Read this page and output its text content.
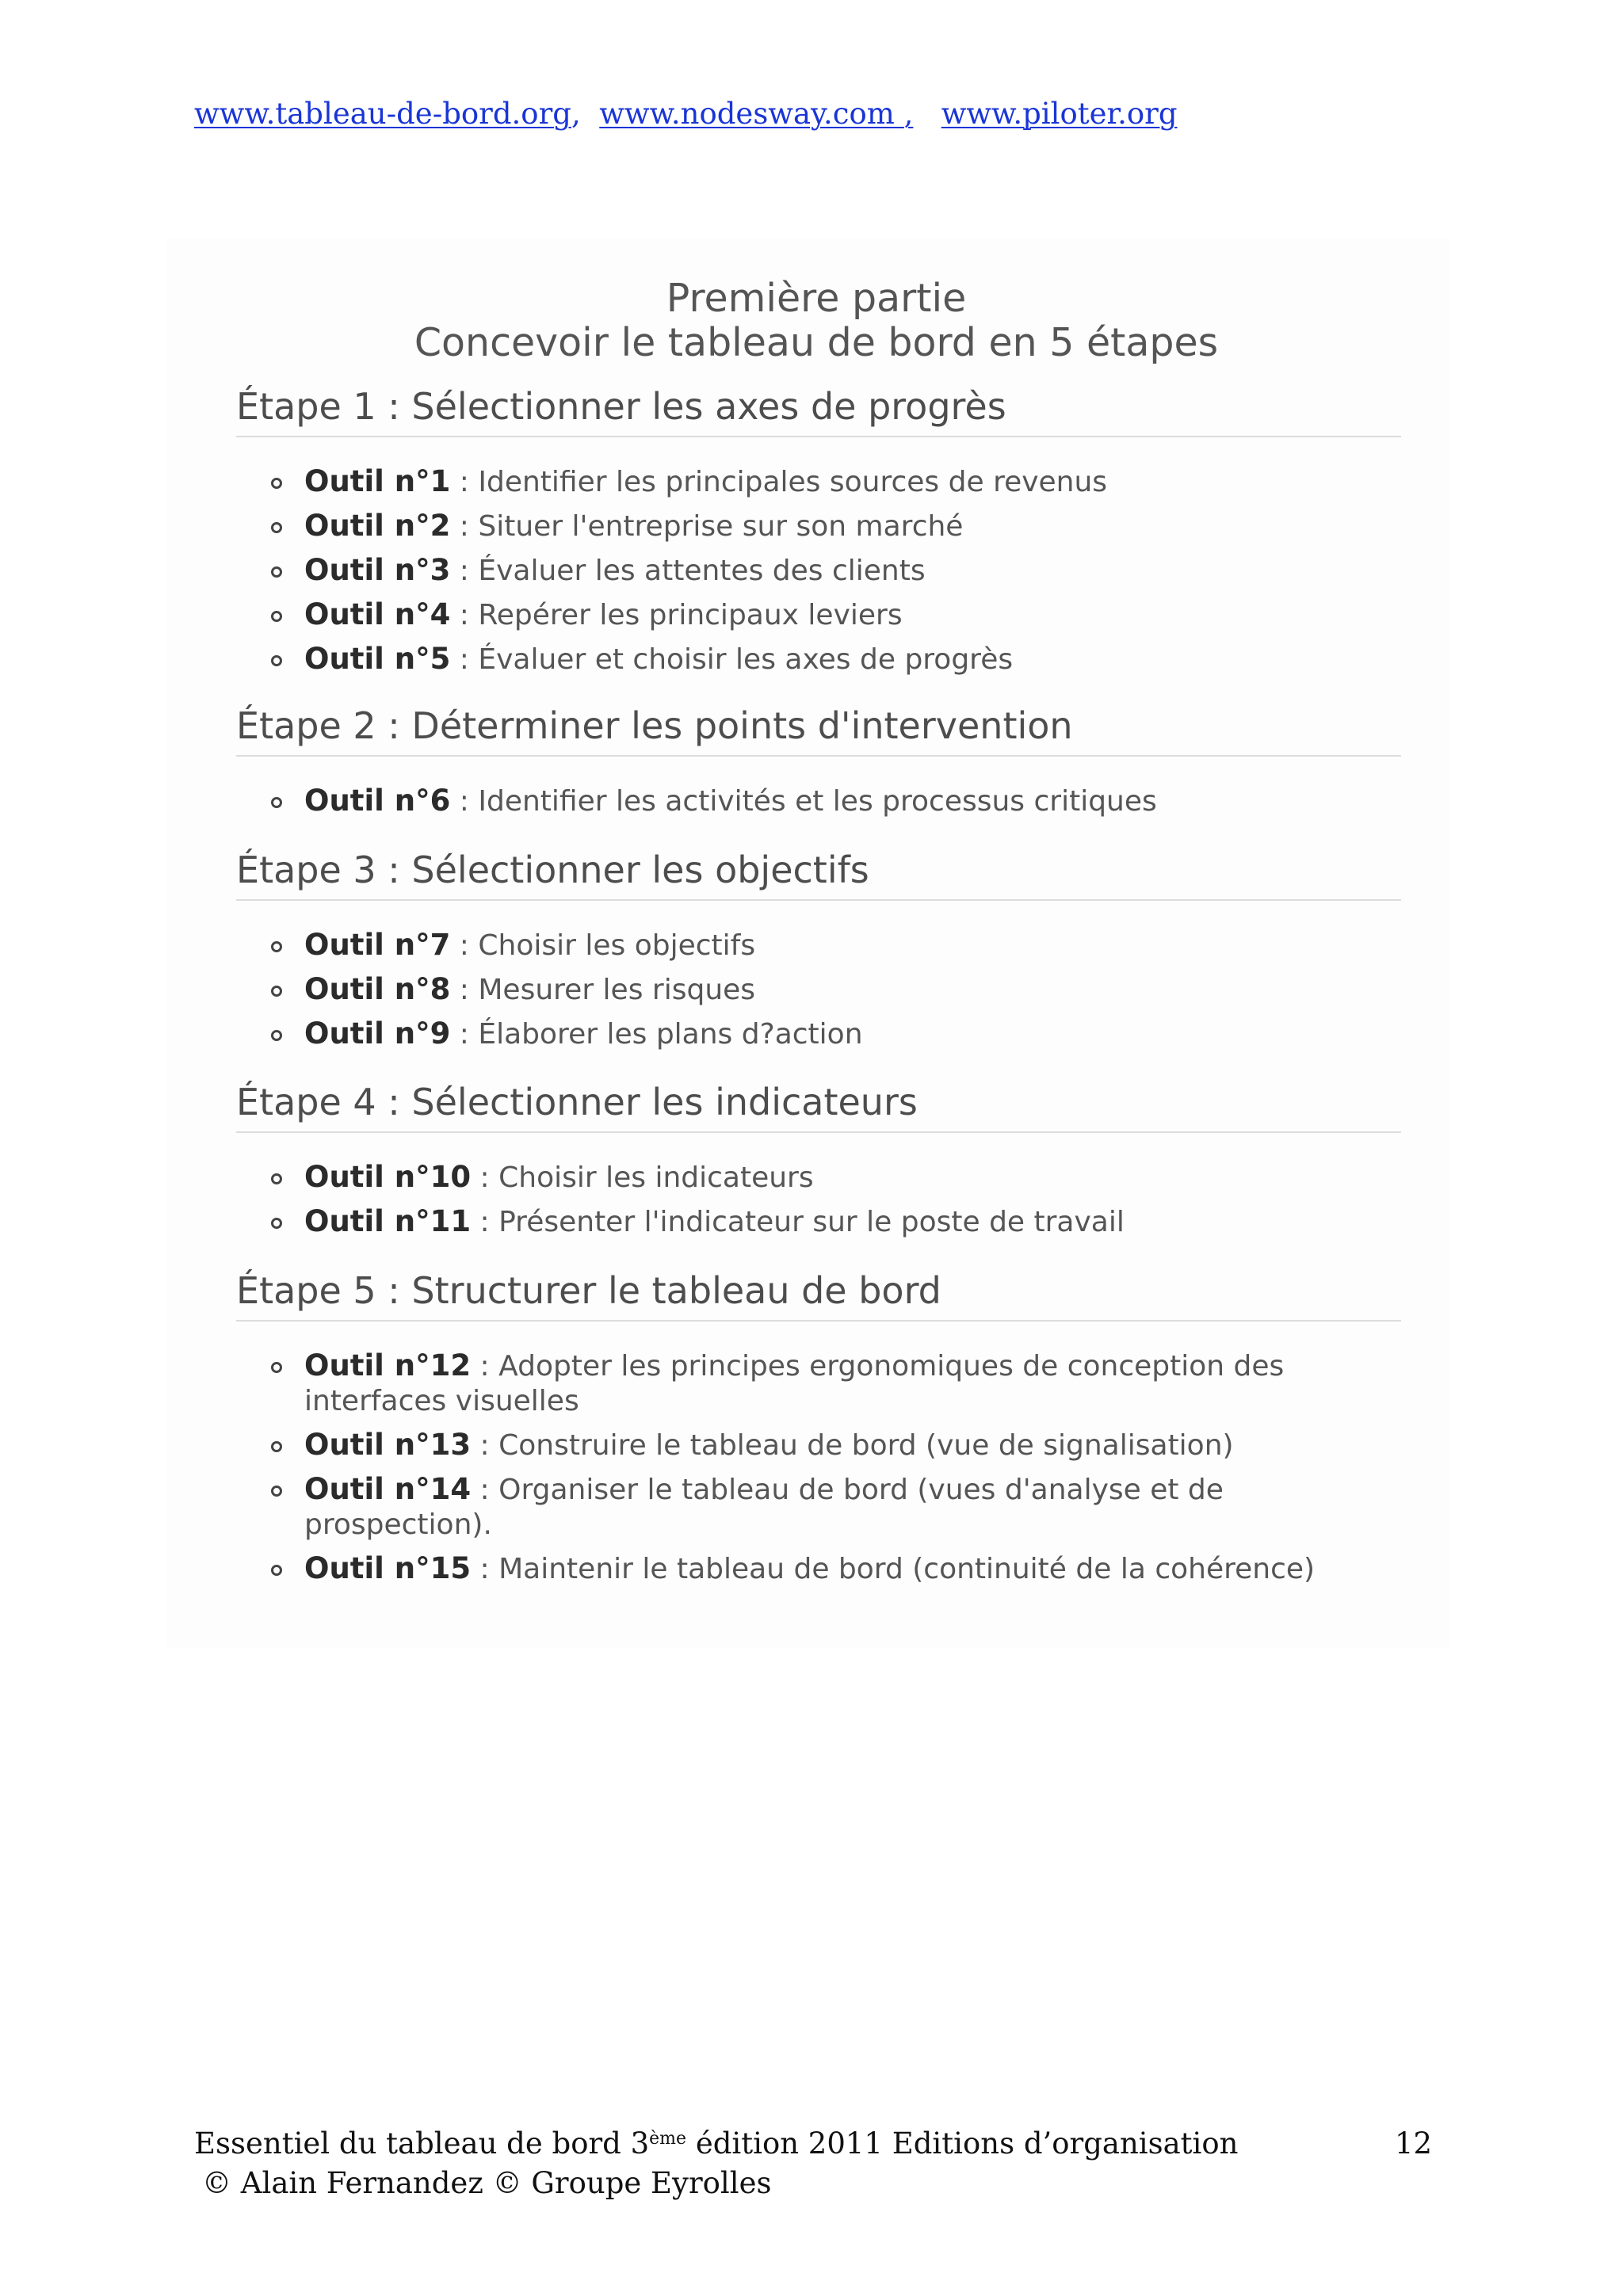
www.tableau-de-bord.org, www.nodesway.com , www.piloter.org
Première partie
Concevoir le tableau de bord en 5 étapes
Étape 1 : Sélectionner les axes de progrès
Outil n°1 : Identifier les principales sources de revenus
Outil n°2 : Situer l'entreprise sur son marché
Outil n°3 : Évaluer les attentes des clients
Outil n°4 : Repérer les principaux leviers
Outil n°5 : Évaluer et choisir les axes de progrès
Étape 2 : Déterminer les points d'intervention
Outil n°6 : Identifier les activités et les processus critiques
Étape 3 : Sélectionner les objectifs
Outil n°7 : Choisir les objectifs
Outil n°8 : Mesurer les risques
Outil n°9 : Élaborer les plans d?action
Étape 4 : Sélectionner les indicateurs
Outil n°10 : Choisir les indicateurs
Outil n°11 : Présenter l'indicateur sur le poste de travail
Étape 5 : Structurer le tableau de bord
Outil n°12 : Adopter les principes ergonomiques de conception des interfaces visuelles
Outil n°13 : Construire le tableau de bord (vue de signalisation)
Outil n°14 : Organiser le tableau de bord (vues d'analyse et de prospection).
Outil n°15 : Maintenir le tableau de bord (continuité de la cohérence)
Essentiel du tableau de bord 3ème édition 2011 Editions d’organisation
© Alain Fernandez © Groupe Eyrolles
12
